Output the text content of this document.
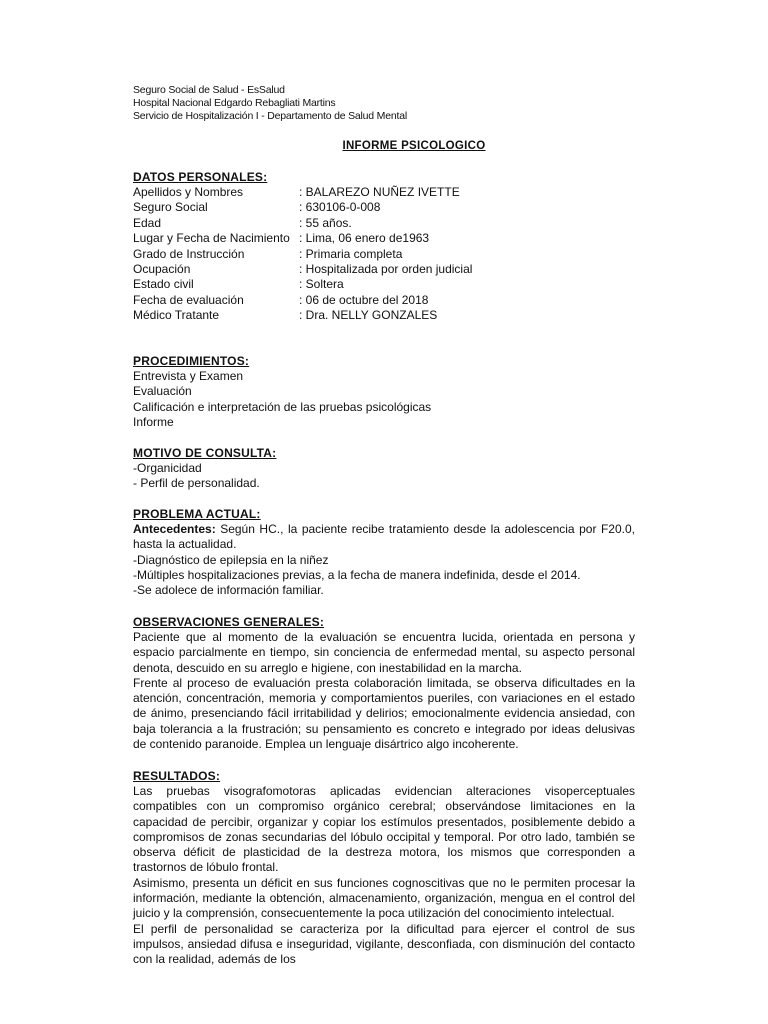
Seguro Social de Salud - EsSalud
Hospital Nacional Edgardo Rebagliati Martins
Servicio de Hospitalización I - Departamento de Salud Mental
INFORME PSICOLOGICO
DATOS PERSONALES:
Apellidos y Nombres	: BALAREZO NUÑEZ IVETTE
Seguro Social	: 630106-0-008
Edad	: 55 años.
Lugar y Fecha de Nacimiento : Lima, 06 enero de1963
Grado de Instrucción	: Primaria completa
Ocupación	: Hospitalizada por orden judicial
Estado civil	: Soltera
Fecha de evaluación	: 06 de octubre del 2018
Médico Tratante	: Dra. NELLY GONZALES
PROCEDIMIENTOS:

Entrevista y Examen

Evaluación

Calificación e interpretación de las pruebas psicológicas

Informe

MOTIVO DE CONSULTA:

-Organicidad

- Perfil de personalidad.

PROBLEMA ACTUAL:

Antecedentes: Según HC., la paciente recibe tratamiento desde la adolescencia por F20.0, hasta la actualidad.

-Diagnóstico de epilepsia en la niñez

-Múltiples hospitalizaciones previas, a la fecha de manera indefinida, desde el 2014.

-Se adolece de información familiar.

OBSERVACIONES GENERALES:

Paciente que al momento de la evaluación se encuentra lucida, orientada en persona y espacio parcialmente en tiempo, sin conciencia de enfermedad mental, su aspecto personal denota, descuido en su arreglo e higiene, con inestabilidad en la marcha.

Frente al proceso de evaluación presta colaboración limitada, se observa dificultades en la atención, concentración, memoria y comportamientos pueriles, con variaciones en el estado de ánimo, presenciando fácil irritabilidad y delirios; emocionalmente evidencia ansiedad, con baja tolerancia a la frustración; su pensamiento es concreto e integrado por ideas delusivas de contenido paranoide. Emplea un lenguaje disártrico algo incoherente.

RESULTADOS:

Las pruebas visografomotoras aplicadas evidencian alteraciones visoperceptuales compatibles con un compromiso orgánico cerebral; observándose limitaciones en la capacidad de percibir, organizar y copiar los estímulos presentados, posiblemente debido a compromisos de zonas secundarias del lóbulo occipital y temporal. Por otro lado, también se observa déficit de plasticidad de la destreza motora, los mismos que corresponden a trastornos de lóbulo frontal.

Asimismo, presenta un déficit en sus funciones cognoscitivas que no le permiten procesar la información, mediante la obtención, almacenamiento, organización, mengua en el control del juicio y la comprensión, consecuentemente la poca utilización del conocimiento intelectual.

El perfil de personalidad se caracteriza por la dificultad para ejercer el control de sus impulsos, ansiedad difusa e inseguridad, vigilante, desconfiada, con disminución del contacto con la realidad, además de los
